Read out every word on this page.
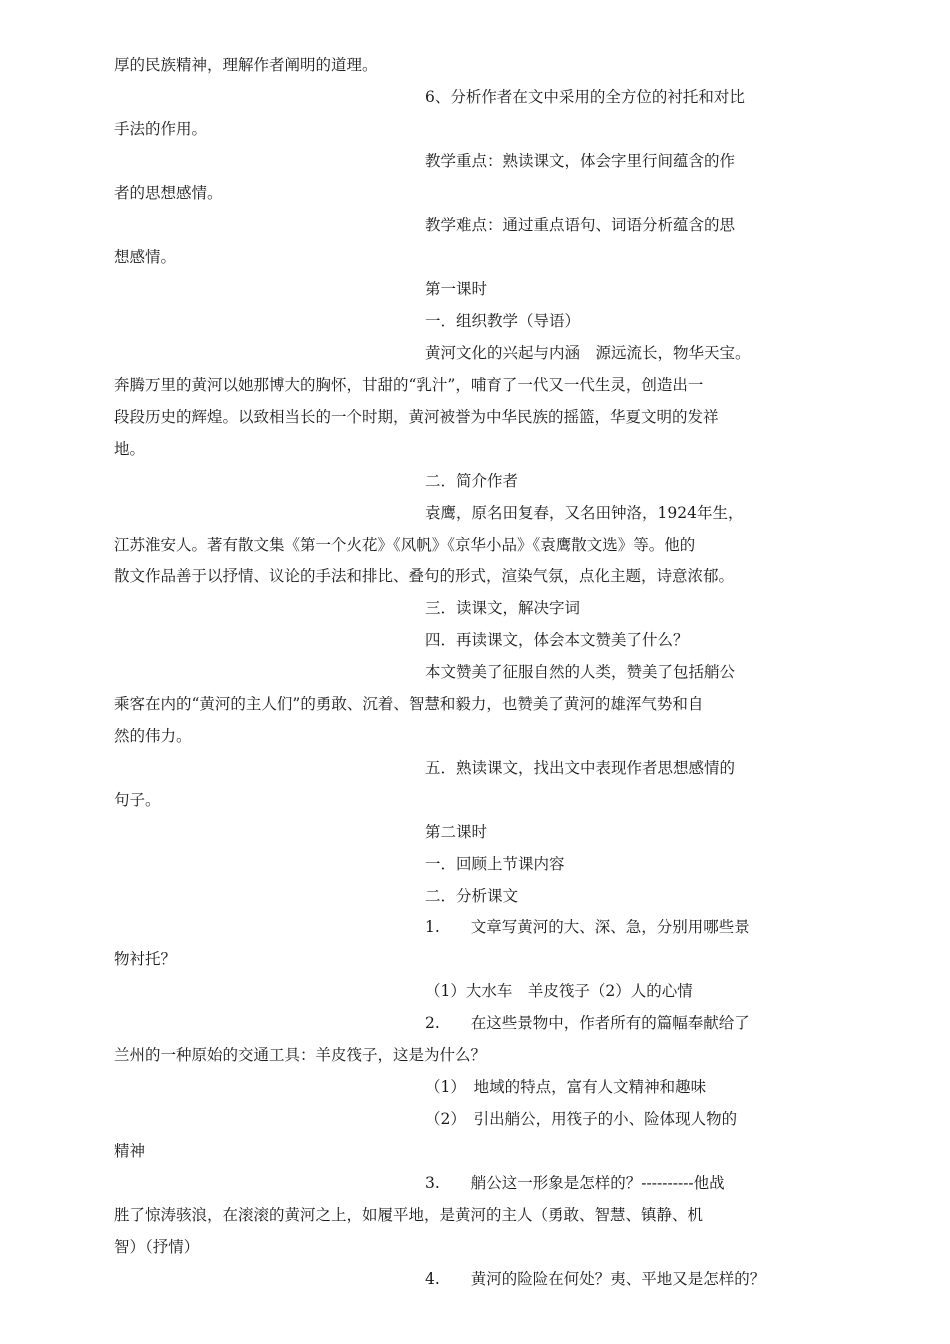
厚的民族精神，理解作者阐明的道理。
6、分析作者在文中采用的全方位的衬托和对比
手法的作用。
教学重点：熟读课文，体会字里行间蕴含的作
者的思想感情。
教学难点：通过重点语句、词语分析蕴含的思
想感情。
第一课时
一．组织教学（导语）
黄河文化的兴起与内涵　源远流长，物华天宝。
奔腾万里的黄河以她那博大的胸怀，甘甜的“乳汁”，哺育了一代又一代生灵，创造出一
段段历史的辉煌。以致相当长的一个时期，黄河被誉为中华民族的摇篮，华夏文明的发祥
地。
二．简介作者
袁鹰，原名田复春，又名田钟洛，1924年生，
江苏淮安人。著有散文集《第一个火花》《风帆》《京华小品》《袁鹰散文选》等。他的
散文作品善于以抒情、议论的手法和排比、叠句的形式，渲染气氛，点化主题，诗意浓郁。
三．读课文，解决字词
四．再读课文，体会本文赞美了什么？
本文赞美了征服自然的人类，赞美了包括艄公
乘客在内的“黄河的主人们”的勇敢、沉着、智慧和毅力，也赞美了黄河的雄浑气势和自
然的伟力。
五．熟读课文，找出文中表现作者思想感情的
句子。
第二课时
一．回顾上节课内容
二．分析课文
1.　　文章写黄河的大、深、急，分别用哪些景
物衬托？
（1）大水车　羊皮筏子（2）人的心情
2.　　在这些景物中，作者所有的篇幅奉献给了
兰州的一种原始的交通工具：羊皮筏子，这是为什么？
（1）　地域的特点，富有人文精神和趣味
（2）　引出艄公，用筏子的小、险体现人物的
精神
3.　　艄公这一形象是怎样的？----------他战
胜了惊涛骇浪，在滚滚的黄河之上，如履平地，是黄河的主人（勇敢、智慧、镇静、机
智）（抒情）
4.　　黄河的险险在何处？夷、平地又是怎样的？
